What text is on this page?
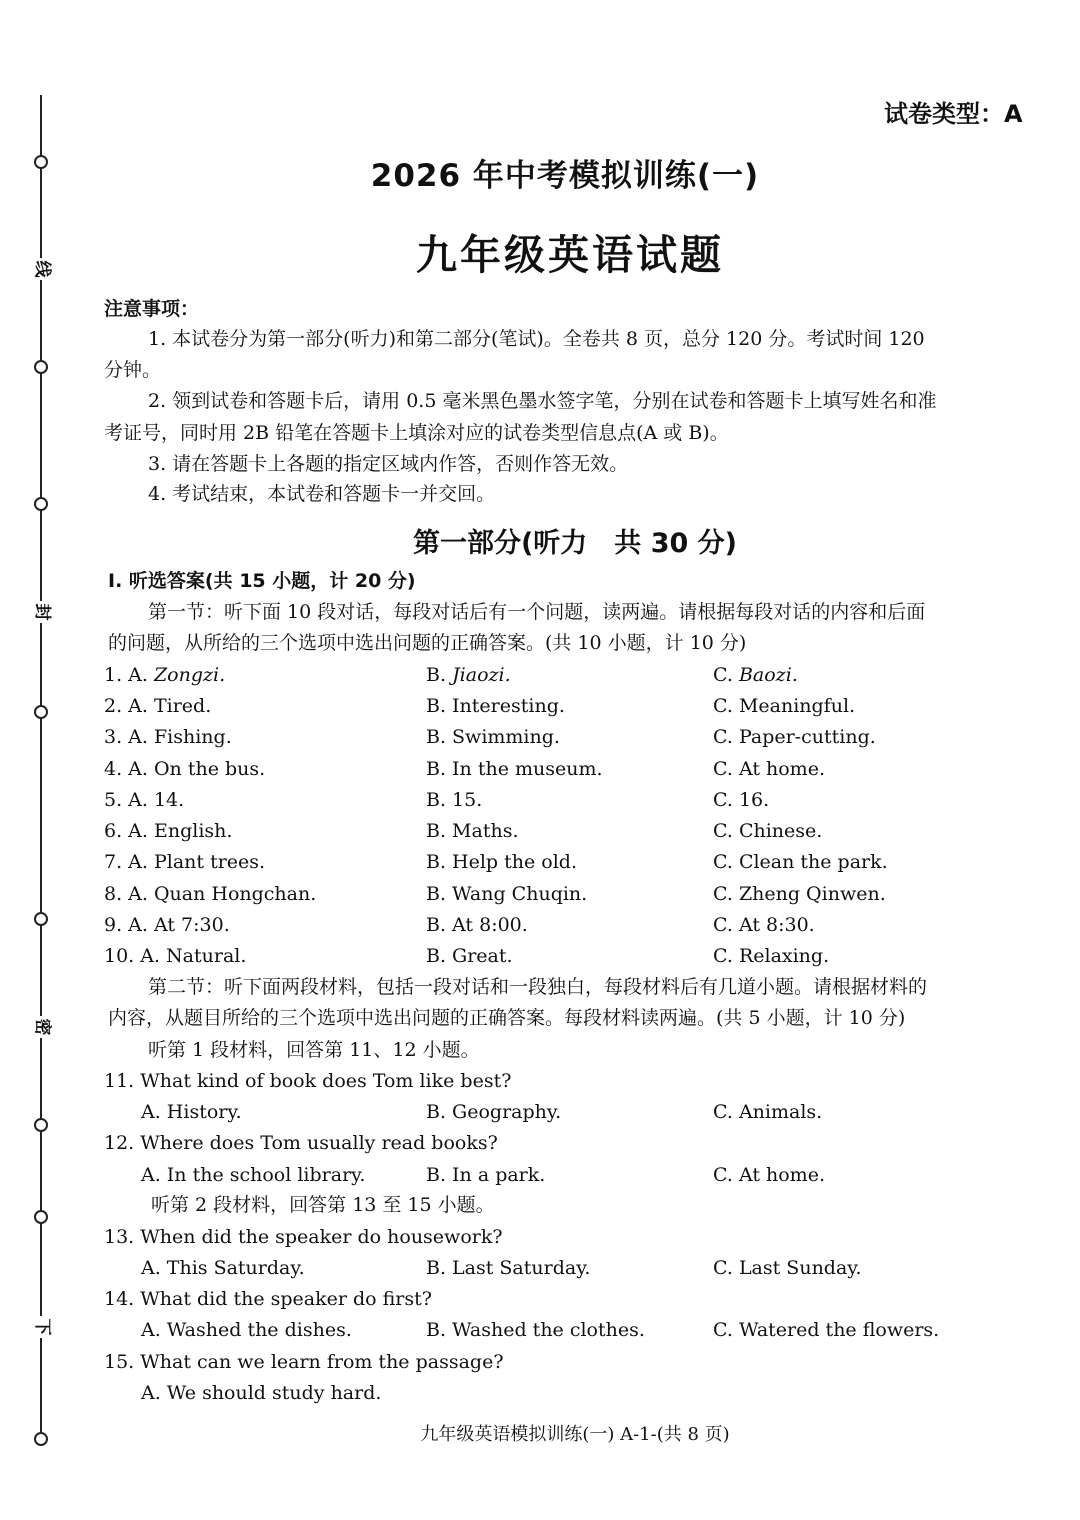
线
封
密
下
试卷类型：A
2026 年中考模拟训练(一)
九年级英语试题
注意事项：
1. 本试卷分为第一部分(听力)和第二部分(笔试)。全卷共 8 页，总分 120 分。考试时间 120
分钟。
2. 领到试卷和答题卡后，请用 0.5 毫米黑色墨水签字笔，分别在试卷和答题卡上填写姓名和准
考证号，同时用 2B 铅笔在答题卡上填涂对应的试卷类型信息点(A 或 B)。
3. 请在答题卡上各题的指定区域内作答，否则作答无效。
4. 考试结束，本试卷和答题卡一并交回。
第一部分(听力　共 30 分)
I. 听选答案(共 15 小题，计 20 分)
第一节：听下面 10 段对话，每段对话后有一个问题，读两遍。请根据每段对话的内容和后面
的问题，从所给的三个选项中选出问题的正确答案。(共 10 小题，计 10 分)
1. A. Zongzi.	B. Jiaozi.	C. Baozi.
2. A. Tired.	B. Interesting.	C. Meaningful.
3. A. Fishing.	B. Swimming.	C. Paper-cutting.
4. A. On the bus.	B. In the museum.	C. At home.
5. A. 14.	B. 15.	C. 16.
6. A. English.	B. Maths.	C. Chinese.
7. A. Plant trees.	B. Help the old.	C. Clean the park.
8. A. Quan Hongchan.	B. Wang Chuqin.	C. Zheng Qinwen.
9. A. At 7:30.	B. At 8:00.	C. At 8:30.
10. A. Natural.	B. Great.	C. Relaxing.
第二节：听下面两段材料，包括一段对话和一段独白，每段材料后有几道小题。请根据材料的
内容，从题目所给的三个选项中选出问题的正确答案。每段材料读两遍。(共 5 小题，计 10 分)
听第 1 段材料，回答第 11、12 小题。
11. What kind of book does Tom like best?
A. History.	B. Geography.	C. Animals.
12. Where does Tom usually read books?
A. In the school library.	B. In a park.	C. At home.
听第 2 段材料，回答第 13 至 15 小题。
13. When did the speaker do housework?
A. This Saturday.	B. Last Saturday.	C. Last Sunday.
14. What did the speaker do first?
A. Washed the dishes.	B. Washed the clothes.	C. Watered the flowers.
15. What can we learn from the passage?
A. We should study hard.
九年级英语模拟训练(一) A-1-(共 8 页)
